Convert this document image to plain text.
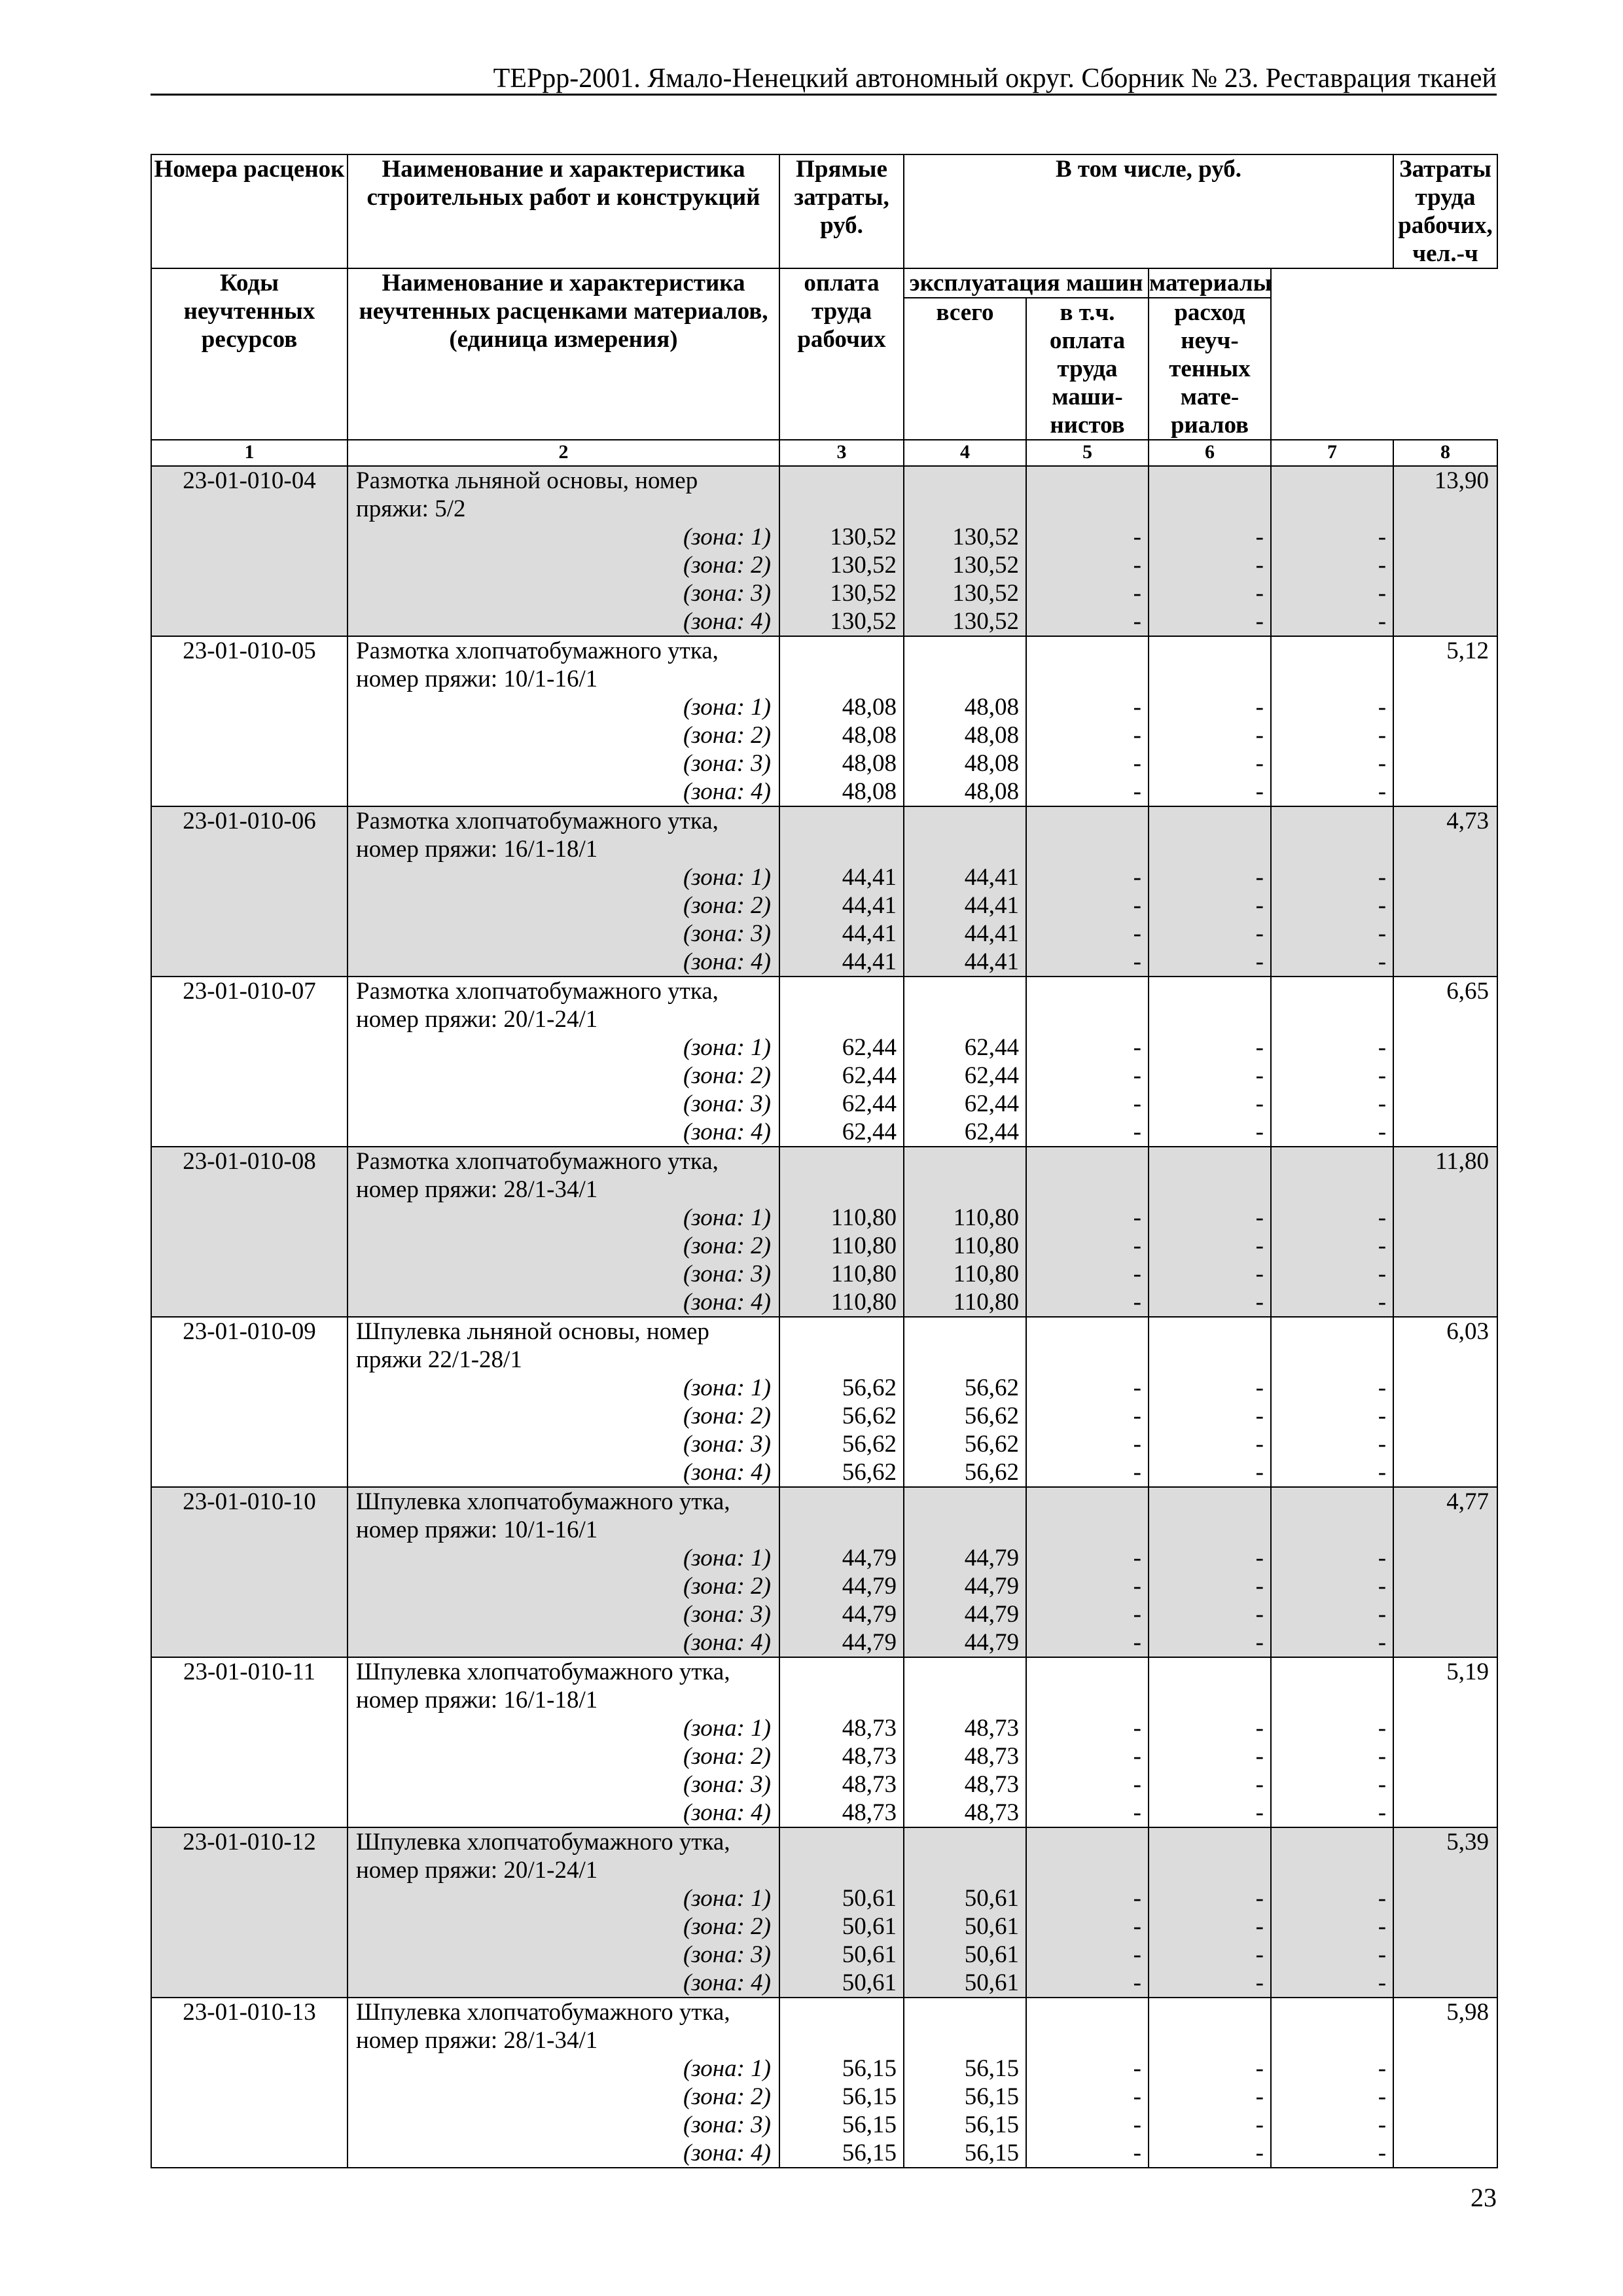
ТЕРрр-2001. Ямало-Ненецкий автономный округ. Сборник № 23. Реставрация тканей
Номера расценок	Наименование и характеристика строительных работ и конструкций	Прямые затраты, руб.	В том числе, руб.				Затраты труда рабочих, чел.-ч

Коды неучтенных ресурсов	Наименование и характеристика неучтенных расценками материалов, (единица измерения)	оплата труда рабочих	эксплуатация машин		материалы	
			всего	в т.ч. оплата труда маши-нистов	расход неуч-тенных мате-риалов		
1	2	3	4	5	6	7	8
23-01-010-04	Размотка льняной основы, номер						13,90
	пряжи: 5/2						
	(зона: 1)	130,52	130,52	-	-	-	
	(зона: 2)	130,52	130,52	-	-	-	
	(зона: 3)	130,52	130,52	-	-	-	
	(зона: 4)	130,52	130,52	-	-	-	
23-01-010-05	Размотка хлопчатобумажного утка,						5,12
	номер пряжи: 10/1-16/1						
	(зона: 1)	48,08	48,08	-	-	-	
	(зона: 2)	48,08	48,08	-	-	-	
	(зона: 3)	48,08	48,08	-	-	-	
	(зона: 4)	48,08	48,08	-	-	-	
23-01-010-06	Размотка хлопчатобумажного утка,						4,73
	номер пряжи: 16/1-18/1						
	(зона: 1)	44,41	44,41	-	-	-	
	(зона: 2)	44,41	44,41	-	-	-	
	(зона: 3)	44,41	44,41	-	-	-	
	(зона: 4)	44,41	44,41	-	-	-	
23-01-010-07	Размотка хлопчатобумажного утка,						6,65
	номер пряжи: 20/1-24/1						
	(зона: 1)	62,44	62,44	-	-	-	
	(зона: 2)	62,44	62,44	-	-	-	
	(зона: 3)	62,44	62,44	-	-	-	
	(зона: 4)	62,44	62,44	-	-	-	
23-01-010-08	Размотка хлопчатобумажного утка,						11,80
	номер пряжи: 28/1-34/1						
	(зона: 1)	110,80	110,80	-	-	-	
	(зона: 2)	110,80	110,80	-	-	-	
	(зона: 3)	110,80	110,80	-	-	-	
	(зона: 4)	110,80	110,80	-	-	-	
23-01-010-09	Шпулевка льняной основы, номер						6,03
	пряжи 22/1-28/1						
	(зона: 1)	56,62	56,62	-	-	-	
	(зона: 2)	56,62	56,62	-	-	-	
	(зона: 3)	56,62	56,62	-	-	-	
	(зона: 4)	56,62	56,62	-	-	-	
23-01-010-10	Шпулевка хлопчатобумажного утка,						4,77
	номер пряжи: 10/1-16/1						
	(зона: 1)	44,79	44,79	-	-	-	
	(зона: 2)	44,79	44,79	-	-	-	
	(зона: 3)	44,79	44,79	-	-	-	
	(зона: 4)	44,79	44,79	-	-	-	
23-01-010-11	Шпулевка хлопчатобумажного утка,						5,19
	номер пряжи: 16/1-18/1						
	(зона: 1)	48,73	48,73	-	-	-	
	(зона: 2)	48,73	48,73	-	-	-	
	(зона: 3)	48,73	48,73	-	-	-	
	(зона: 4)	48,73	48,73	-	-	-	
23-01-010-12	Шпулевка хлопчатобумажного утка,						5,39
	номер пряжи: 20/1-24/1						
	(зона: 1)	50,61	50,61	-	-	-	
	(зона: 2)	50,61	50,61	-	-	-	
	(зона: 3)	50,61	50,61	-	-	-	
	(зона: 4)	50,61	50,61	-	-	-	
23-01-010-13	Шпулевка хлопчатобумажного утка,						5,98
	номер пряжи: 28/1-34/1						
	(зона: 1)	56,15	56,15	-	-	-	
	(зона: 2)	56,15	56,15	-	-	-	
	(зона: 3)	56,15	56,15	-	-	-	
	(зона: 4)	56,15	56,15	-	-	-	
23
